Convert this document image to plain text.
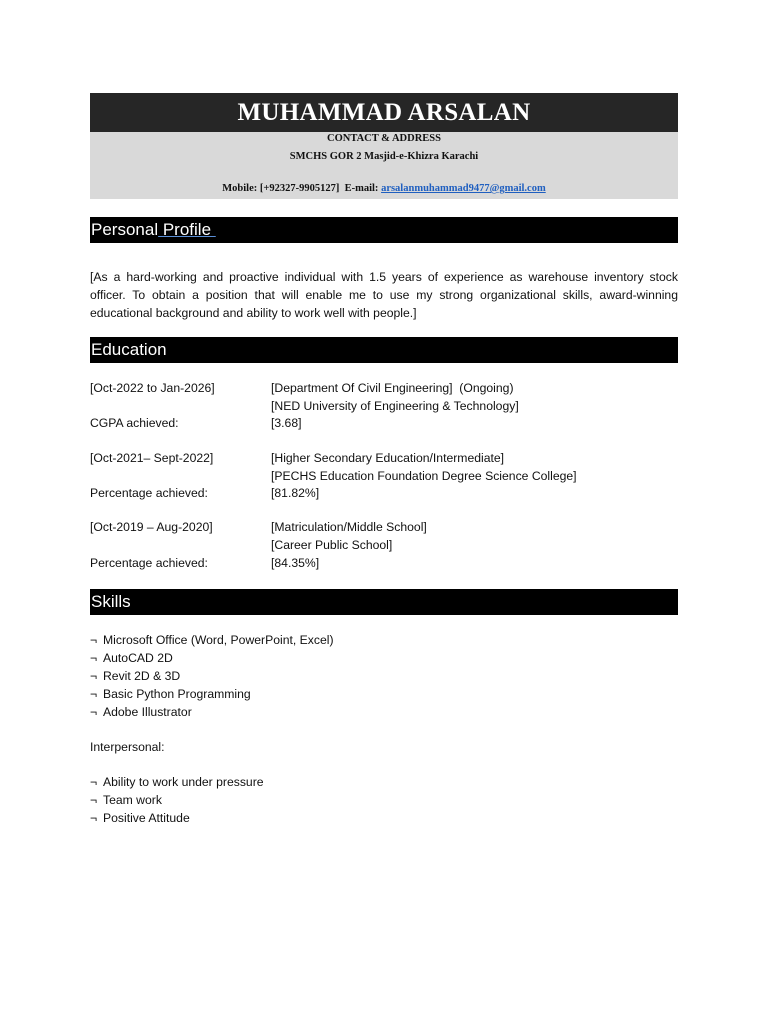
MUHAMMAD ARSALAN
CONTACT & ADDRESS
SMCHS GOR 2 Masjid-e-Khizra Karachi
Mobile: [+92327-9905127]  E-mail: arsalanmuhammad9477@gmail.com
Personal Profile
[As a hard-working and proactive individual with 1.5 years of experience as warehouse inventory stock officer. To obtain a position that will enable me to use my strong organizational skills, award-winning educational background and ability to work well with people.]
Education
[Oct-2022 to Jan-2026]	[Department Of Civil Engineering]  (Ongoing)
[NED University of Engineering & Technology]
CGPA achieved:	[3.68]
[Oct-2021– Sept-2022]	[Higher Secondary Education/Intermediate]
[PECHS Education Foundation Degree Science College]
Percentage achieved:	[81.82%]
[Oct-2019 – Aug-2020]	[Matriculation/Middle School]
[Career Public School]
Percentage achieved:	[84.35%]
Skills
¬ Microsoft Office (Word, PowerPoint, Excel)
¬ AutoCAD 2D
¬ Revit 2D & 3D
¬ Basic Python Programming
¬ Adobe Illustrator
Interpersonal:
¬ Ability to work under pressure
¬ Team work
¬ Positive Attitude
